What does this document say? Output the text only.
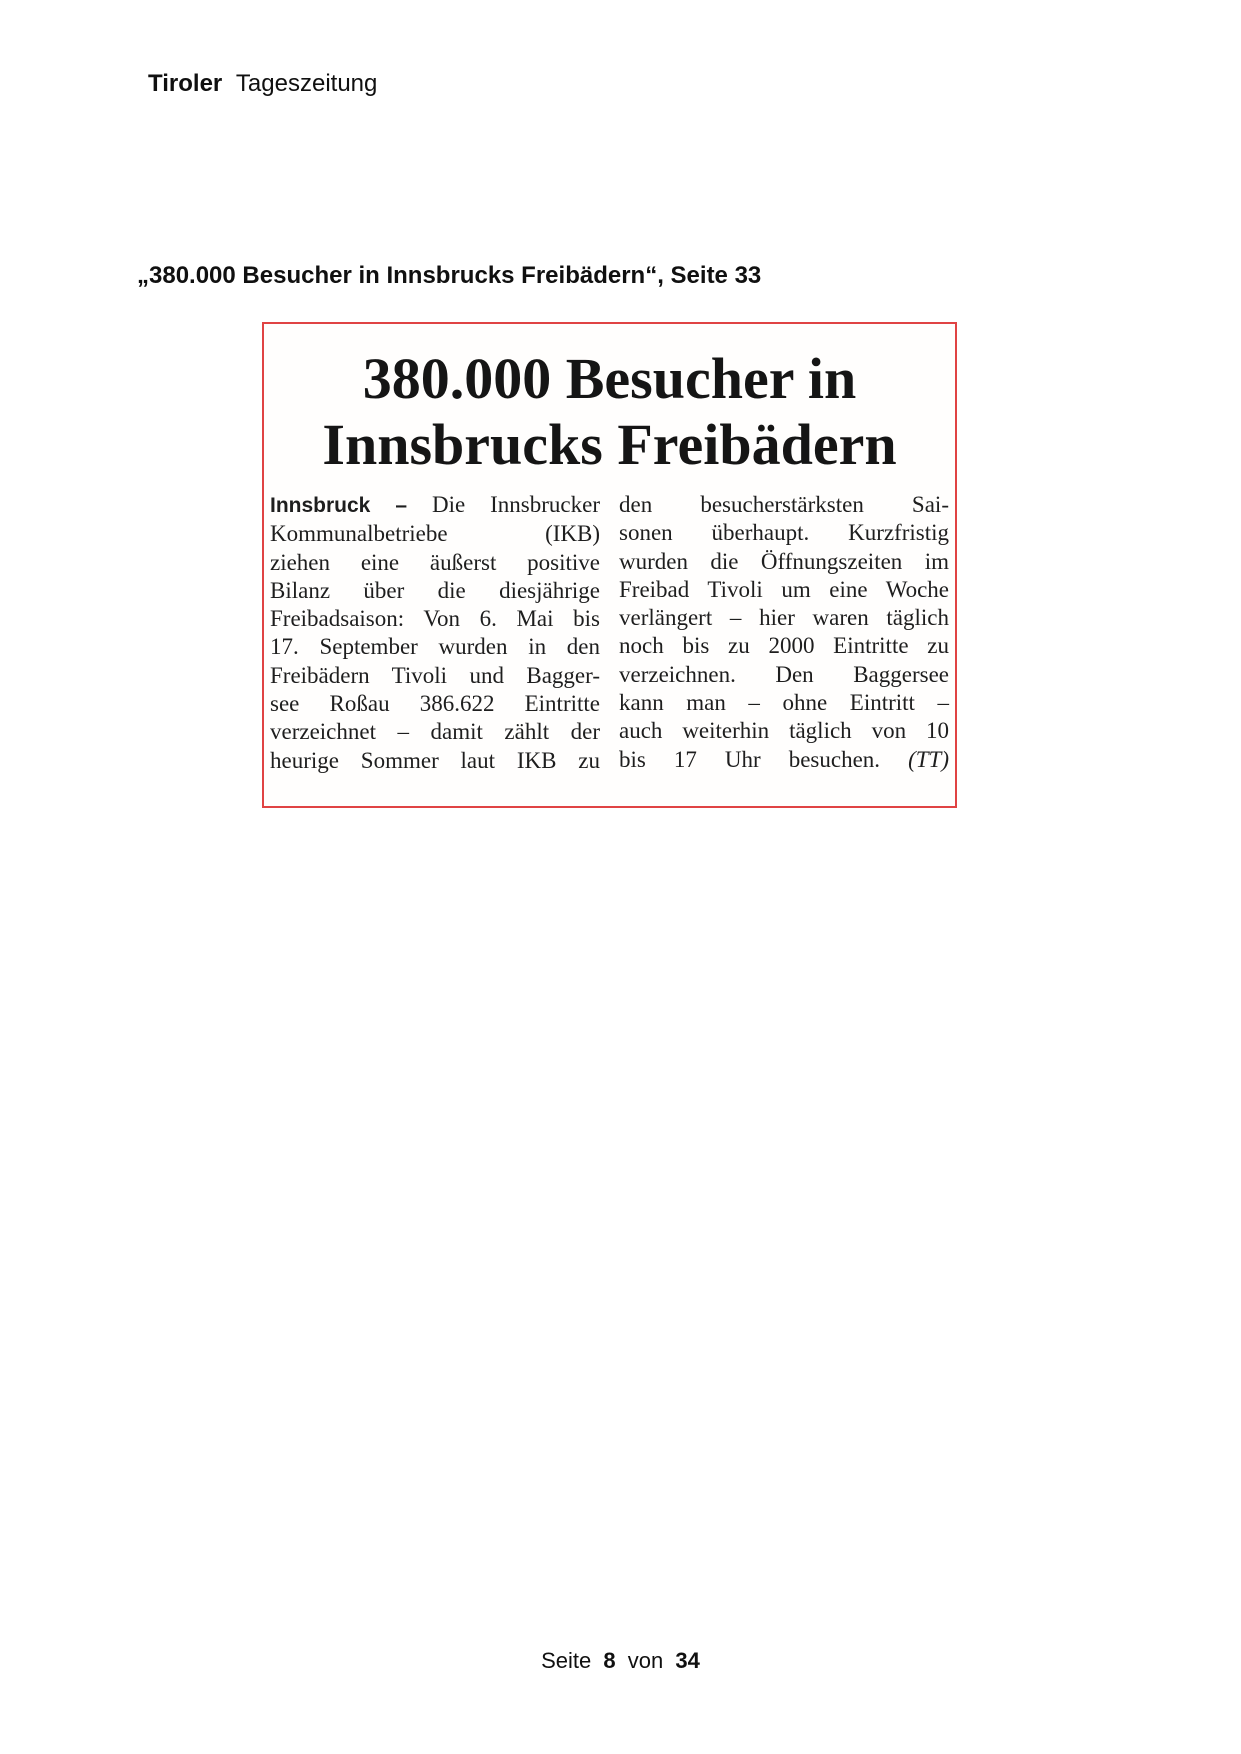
Tiroler Tageszeitung
„380.000 Besucher in Innsbrucks Freibädern“, Seite 33
380.000 Besucher in
Innsbrucks Freibädern
Innsbruck – Die Innsbrucker
Kommunalbetriebe (IKB)
ziehen eine äußerst positive
Bilanz über die diesjährige
Freibadsaison: Von 6. Mai bis
17. September wurden in den
Freibädern Tivoli und Bagger-
see Roßau 386.622 Eintritte
verzeichnet – damit zählt der
heurige Sommer laut IKB zu
den besucherstärksten Sai-
sonen überhaupt. Kurzfristig
wurden die Öffnungszeiten im
Freibad Tivoli um eine Woche
verlängert – hier waren täglich
noch bis zu 2000 Eintritte zu
verzeichnen. Den Baggersee
kann man – ohne Eintritt –
auch weiterhin täglich von 10
bis 17 Uhr besuchen. (TT)
Seite 8 von 34
